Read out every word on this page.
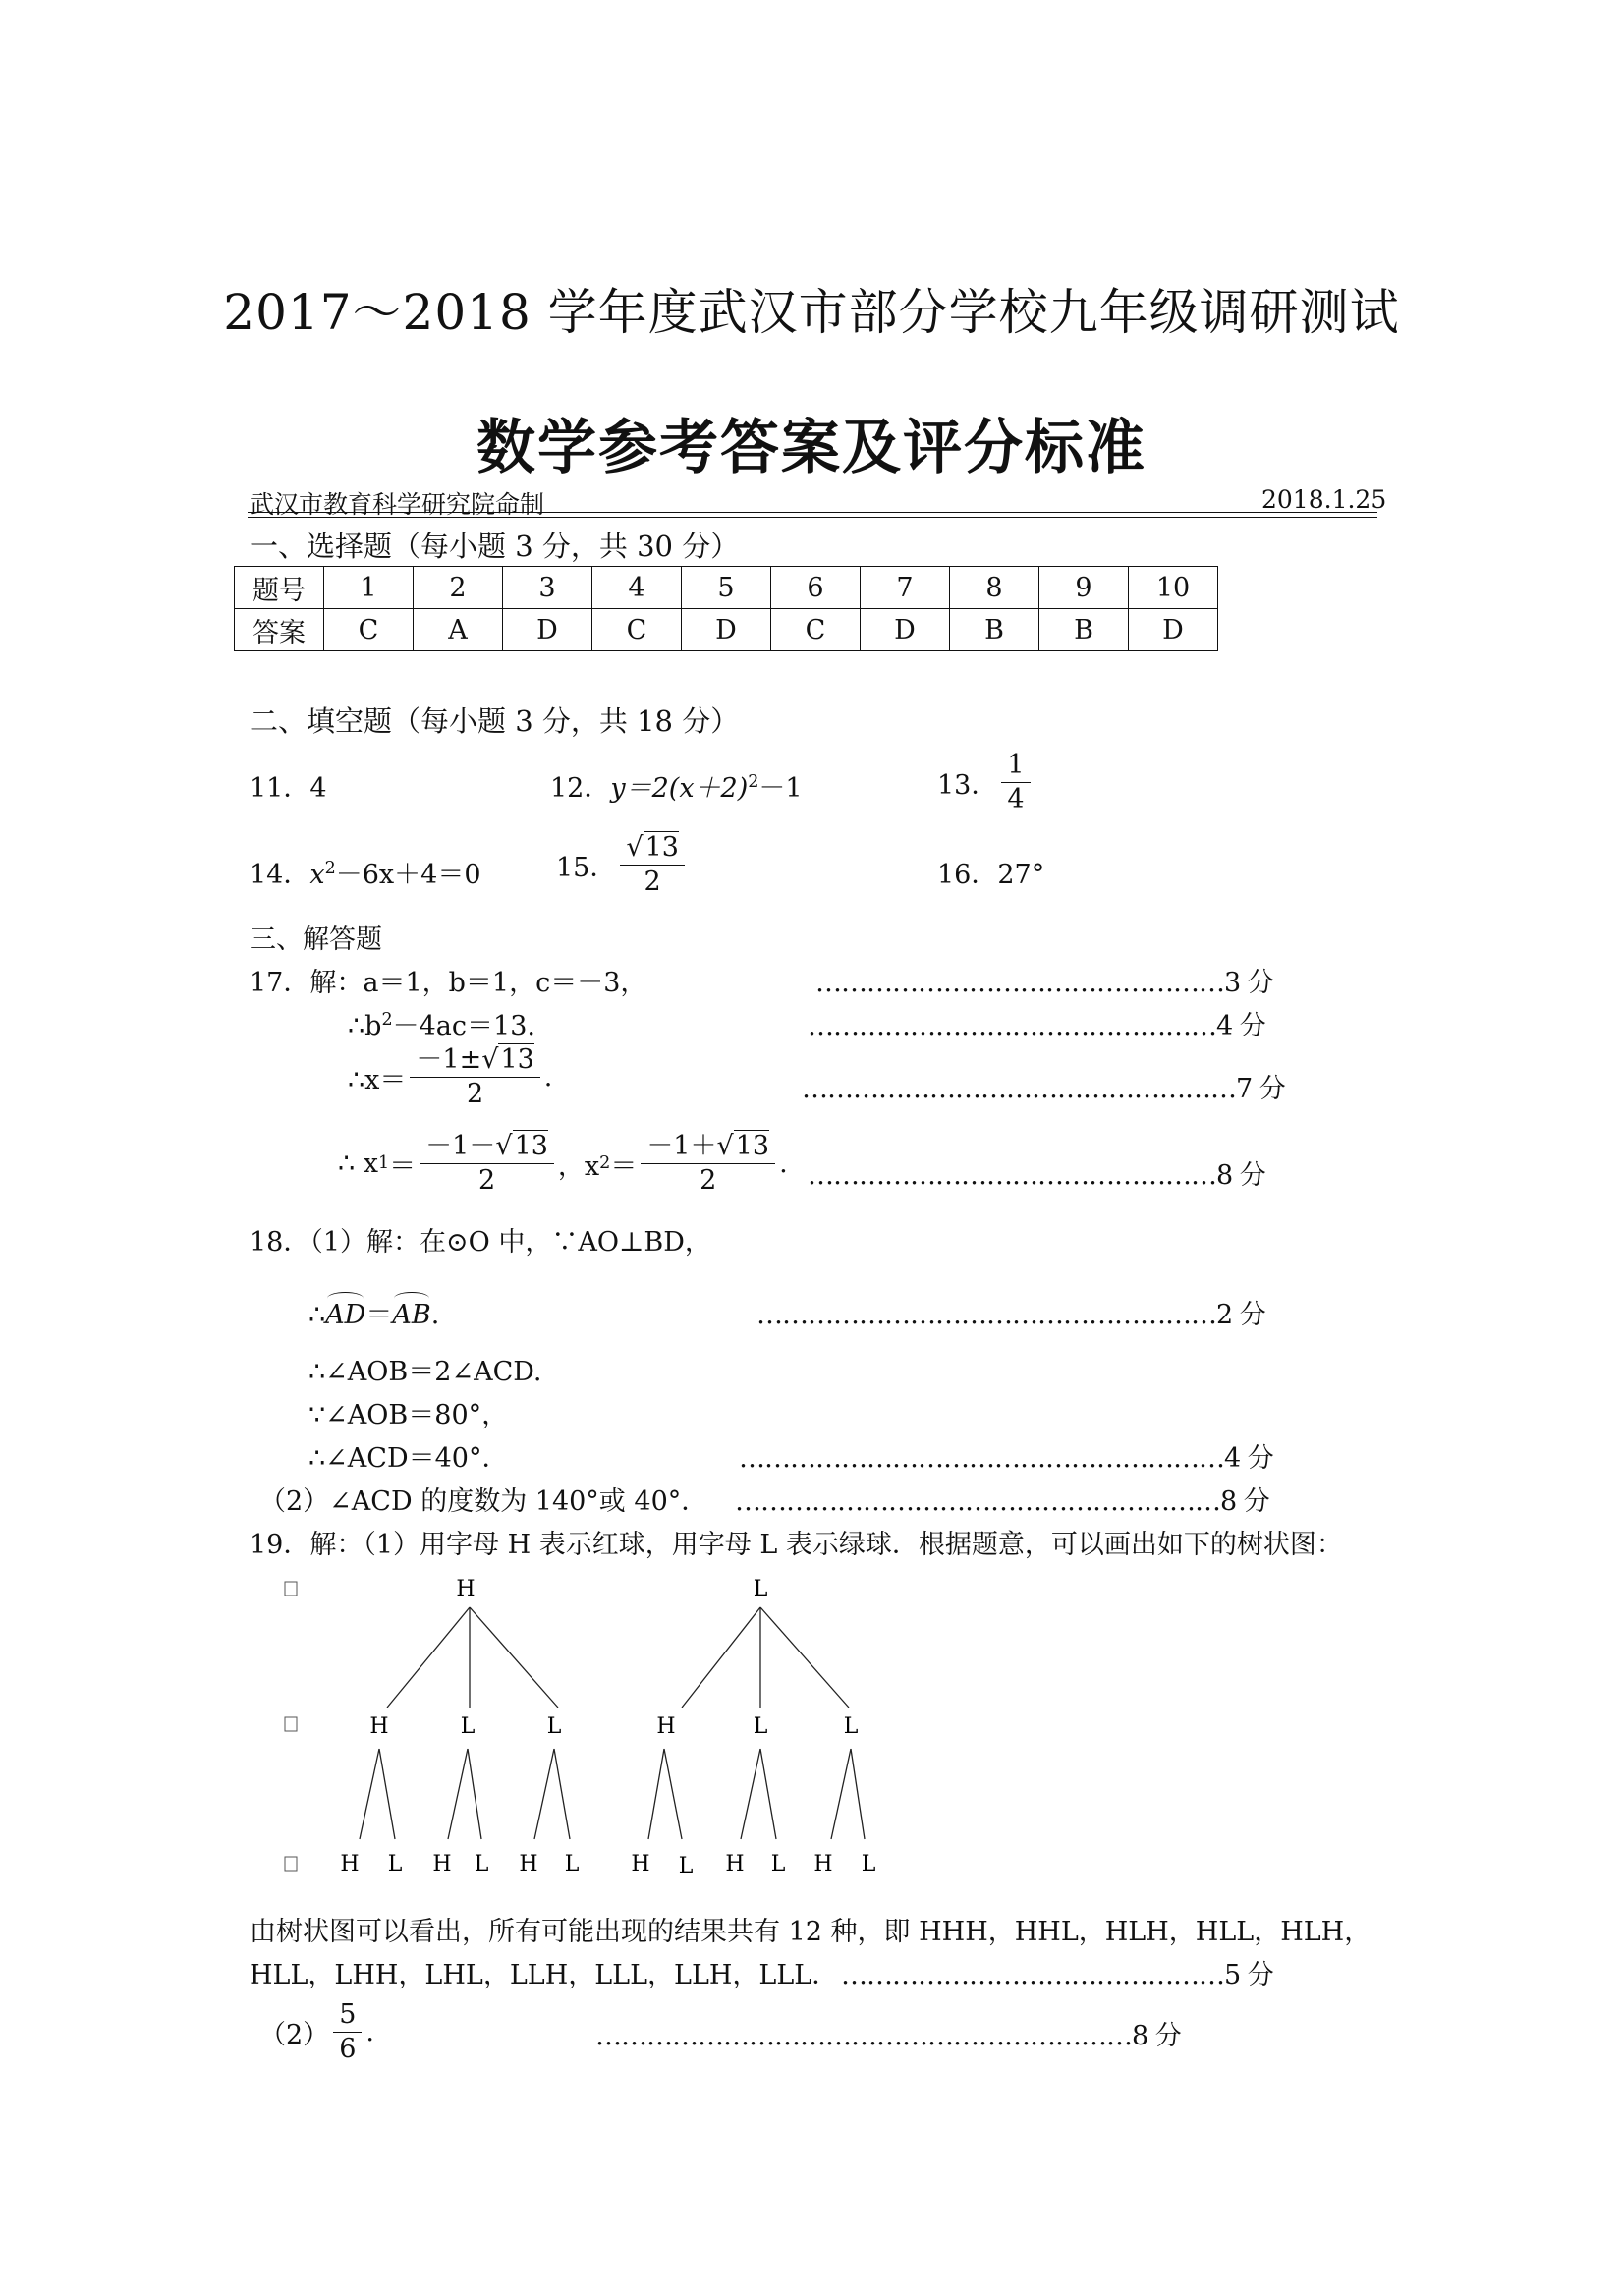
2017～2018 学年度武汉市部分学校九年级调研测试
数学参考答案及评分标准
武汉市教育科学研究院命制	2018.1.25
一、选择题（每小题 3 分，共 30 分）
题号	1	2	3	4	5	6	7	8	9	10
答案	C	A	D	C	D	C	D	B	B	D
二、填空题（每小题 3 分，共 18 分）
11．4	12．$y=2(x+2)^2-1$	13． $\frac{1}{4}$
14．$x^2-6x+4=0$	15． $\frac{√13}{2}$	16．27°
三、解答题
17．解：a＝1，b＝1，c＝－3，	…………………………………………3 分
$\therefore b^2-4ac=13$.	…………………………………………4 分
∴x＝ $\frac{-1\pm√13}{2}$ .	……………………………………………7 分
∴ x $1 = \frac{-1-√13}{2}$ ，x $2 = \frac{-1+√13}{2}$ . …………………………………………8 分
18．（1）解：在⊙O 中，∵AO⊥BD，
∴AD＝AB.	………………………………………………2 分
∴∠AOB＝2∠ACD.
∵∠AOB＝80°，
∴∠ACD＝40°．	…………………………………………………4 分
（2）∠ACD 的度数为 140°或 40°． …………………………………………………8 分
19．解：（1）用字母 H 表示红球，用字母 L 表示绿球．根据题意，可以画出如下的树状图：
H	L
H	L	L	H	L	L
H L H L H L H L H L H L
由树状图可以看出，所有可能出现的结果共有 12 种，即 HHH，HHL，HLH，HLL，HLH，
HLL，LHH，LHL，LLH，LLL，LLH，LLL． ………………………………………5 分
$(2) \frac{5}{6}$ .	………………………………………………………8 分
